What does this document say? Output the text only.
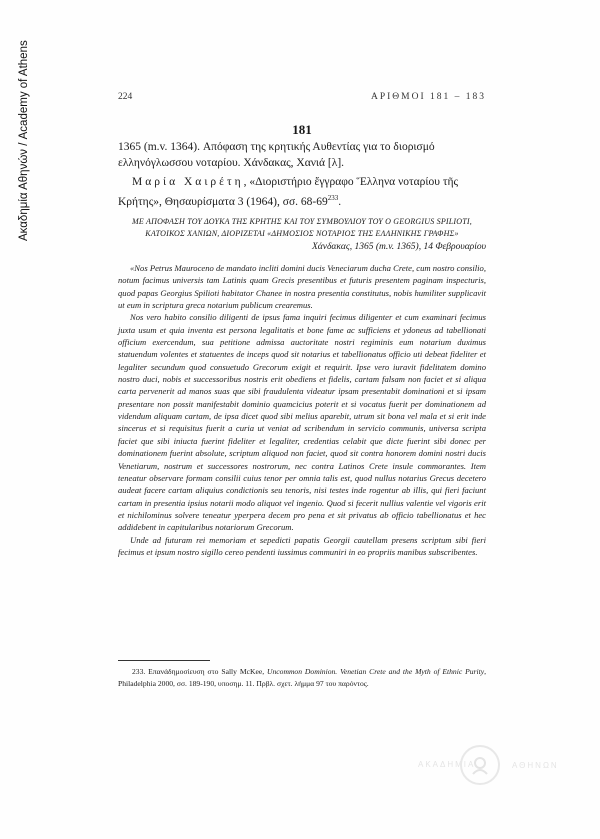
Ακαδημία Αθηνών / Academy of Athens	224	ΑΡΙΘΜΟΙ 181 – 183
181
1365 (m.v. 1364). Απόφαση της κρητικής Αυθεντίας για το διορισμό ελληνόγλωσσου νοταρίου. Χάνδακας, Χανιά [λ].
Μαρία Χαιρέτη, «Διοριστήριο ἔγγραφο Ἕλληνα νοταρίου τῆς Κρήτης», Θησαυρίσματα 3 (1964), σσ. $68-69^{233}$.
ΜΕ ΑΠΟΦΑΣΗ ΤΟΥ ΔΟΥΚΑ ΤΗΣ ΚΡΗΤΗΣ ΚΑΙ ΤΟΥ ΣΥΜΒΟΥΛΙΟΥ ΤΟΥ Ο GEORGIUS SPILIOTI, ΚΑΤΟΙΚΟΣ ΧΑΝΙΩΝ, ΔΙΟΡΙΖΕΤΑΙ «ΔΗΜΟΣΙΟΣ ΝΟΤΑΡΙΟΣ ΤΗΣ ΕΛΛΗΝΙΚΗΣ ΓΡΑΦΗΣ»
Χάνδακας, 1365 (m.v. 1365), 14 Φεβρουαρίου

«Nos Petrus Mauroceno de mandato incliti domini ducis Veneciarum ducha Crete, cum nostro consilio, notum facimus universis tam Latinis quam Grecis presentibus et futuris presentem paginam inspecturis, quod papas Georgius Spilioti habitator Chanee in nostra presentia constitutus, nobis humiliter supplicavit ut eum in scriptura greca notarium publicum crearemus.

Nos vero habito consilio diligenti de ipsus fama inquiri fecimus diligenter et cum examinari fecimus juxta usum et quia inventa est persona legalitatis et bone fame ac sufficiens et ydoneus ad tabellionati officium exercendum, sua petitione admissa auctoritate nostri regiminis eum notarium duximus statuendum volentes et statuentes de inceps quod sit notarius et tabellionatus officio uti debeat fideliter et legaliter secundum quod consuetudo Grecorum exigit et requirit. Ipse vero iuravit fidelitatem domino nostro duci, nobis et successoribus nostris erit obediens et fidelis, cartam falsam non faciet et si aliqua carta pervenerit ad manos suas que sibi fraudulenta videatur ipsam presentabit dominationi et si ipsam presentare non possit manifestabit dominio quamcicius poterit et si vocatus fuerit per dominationem ad videndum aliquam cartam, de ipsa dicet quod sibi melius aparebit, utrum sit bona vel mala et si erit inde sincerus et si requisitus fuerit a curia ut veniat ad scribendum in servicio communis, universa scripta faciet que sibi iniucta fuerint fideliter et legaliter, credentias celabit que dicte fuerint sibi donec per dominationem fuerint absolute, scriptum aliquod non faciet, quod sit contra honorem domini nostri ducis Venetiarum, nostrum et successores nostrorum, nec contra Latinos Crete insule commorantes. Item teneatur observare formam consilii cuius tenor per omnia talis est, quod nullus notarius Grecus decetero audeat facere cartam aliquius condictionis seu tenoris, nisi testes inde rogentur ab illis, qui fieri faciunt cartam in presentia ipsius notarii modo aliquot vel ingenio. Quod si fecerit nullius valentie vel vigoris erit et nichilominus solvere teneatur yperpera decem pro pena et sit privatus ab officio tabellionatus et hec addidebent in capitularibus notariorum Grecorum.

Unde ad futuram rei memoriam et sepedicti papatis Georgii cautellam presens scriptum sibi fieri fecimus et ipsum nostro sigillo cereo pendenti iussimus communiri in eo propriis manibus subscribentes.

233. Επανάδημοσίευση στο Sally McKee, Uncommon Dominion. Venetian Crete and the Myth of Ethnic Purity, Philadelphia 2000, σσ. 189-190, υποσημ. 11. Πρβλ. σχετ. λήμμα 97 του παρόντος.
ΑΚΑΔΗΜΙΑ	ΑΘΗΝΩΝ
